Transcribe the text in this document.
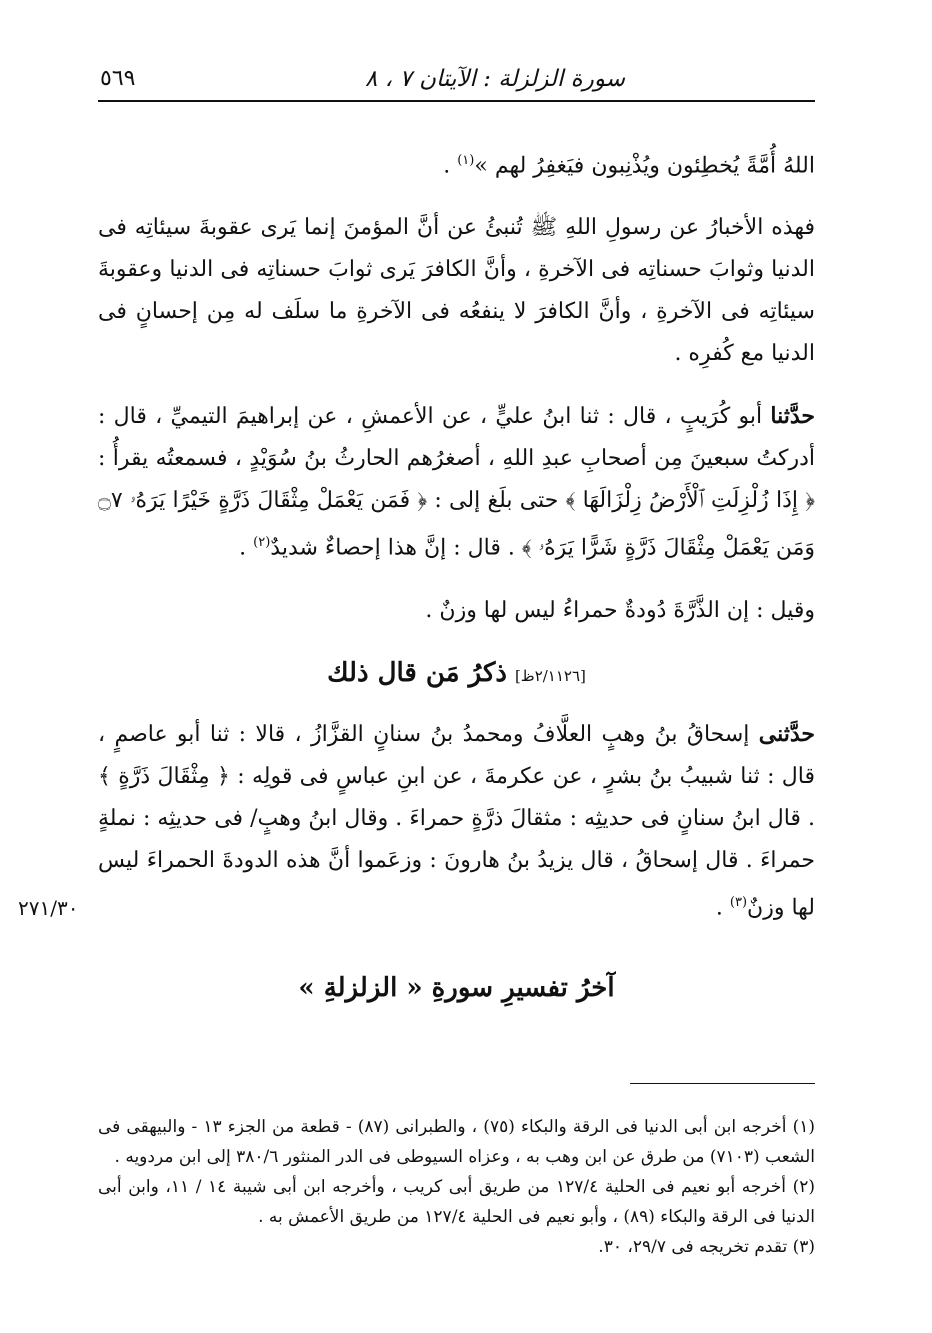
سورة الزلزلة : الآيتان ٧ ، ٨
٥٦٩

اللهُ أُمَّةً يُخطِئون ويُذْنِبون فيَغفِرُ لهم »$^{(١)}$ .

فهذه الأخبارُ عن رسولِ اللهِ ﷺ تُنبئُ عن أنَّ المؤمنَ إنما يَرى عقوبةَ سيئاتِه فى الدنيا وثوابَ حسناتِه فى الآخرةِ ، وأنَّ الكافرَ يَرى ثوابَ حسناتِه فى الدنيا وعقوبةَ سيئاتِه فى الآخرةِ ، وأنَّ الكافرَ لا ينفعُه فى الآخرةِ ما سلَف له مِن إحسانٍ فى الدنيا مع كُفرِه .

حدَّثنا أبو كُرَيبٍ ، قال : ثنا ابنُ عليٍّ ، عن الأعمشِ ، عن إبراهيمَ التيميِّ ، قال : أدركتُ سبعينَ مِن أصحابِ عبدِ اللهِ ، أصغرُهم الحارثُ بنُ سُوَيْدٍ ، فسمعتُه يقرأُ : ﴿ إِذَا زُلْزِلَتِ ٱلْأَرْضُ زِلْزَالَهَا ﴾ حتى بلَغ إلى : ﴿ فَمَن يَعْمَلْ مِثْقَالَ ذَرَّةٍ خَيْرًا يَرَهُۥ ۝٧ وَمَن يَعْمَلْ مِثْقَالَ ذَرَّةٍ شَرًّا يَرَهُۥ ﴾ . قال : إنَّ هذا إحصاءٌ شديدٌ$^{(٢)}$ .

وقيل : إن الذَّرَّةَ دُودةٌ حمراءُ ليس لها وزنٌ .

[٢/١١٢٦ظ]ذكرُ مَن قال ذلك

حدَّثنى إسحاقُ بنُ وهبٍ العلَّافُ ومحمدُ بنُ سنانٍ القزَّازُ ، قالا : ثنا أبو عاصمٍ ، قال : ثنا شبيبُ بنُ بشرٍ ، عن عكرمةَ ، عن ابنِ عباسٍ فى قولِه : ﴿ مِثْقَالَ ذَرَّةٍ ﴾ . قال ابنُ سنانٍ فى حديثِه : مثقالَ ذرَّةٍ حمراءَ . وقال ابنُ وهبٍ/ فى حديثِه : نملةٍ حمراءَ . قال إسحاقُ ، قال يزيدُ بنُ هارونَ : وزعَموا أنَّ هذه الدودةَ الحمراءَ ليس لها وزنٌ$^{(٣)}$ .

آخرُ تفسيرِ سورةِ « الزلزلةِ »

٢٧١/٣٠

(١) أخرجه ابن أبى الدنيا فى الرقة والبكاء (٧٥) ، والطبرانى (٨٧) - قطعة من الجزء ١٣ - والبيهقى فى الشعب (٧١٠٣) من طرق عن ابن وهب به ، وعزاه السيوطى فى الدر المنثور ٣٨٠/٦ إلى ابن مردويه .

(٢) أخرجه أبو نعيم فى الحلية ١٢٧/٤ من طريق أبى كريب ، وأخرجه ابن أبى شيبة ١٤ / ١١، وابن أبى الدنيا فى الرقة والبكاء (٨٩) ، وأبو نعيم فى الحلية ١٢٧/٤ من طريق الأعمش به .

(٣) تقدم تخريجه فى ٢٩/٧، ٣٠.
